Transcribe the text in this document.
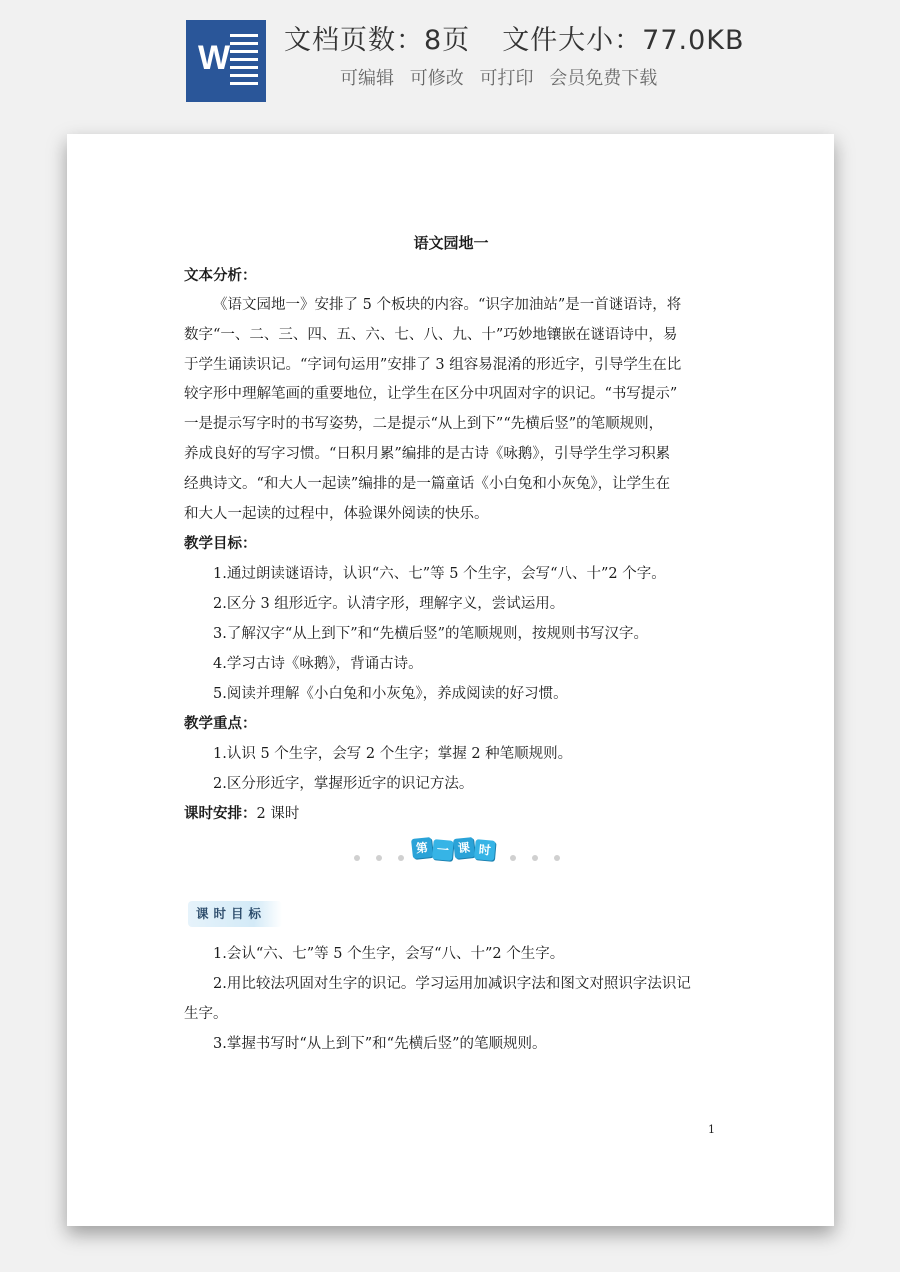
W 文档页数：8页 文件大小：77.0KB
可编辑 可修改 可打印 会员免费下载
语文园地一
文本分析：
《语文园地一》安排了 5 个板块的内容。“识字加油站”是一首谜语诗，将
数字“一、二、三、四、五、六、七、八、九、十”巧妙地镶嵌在谜语诗中，易
于学生诵读识记。“字词句运用”安排了 3 组容易混淆的形近字，引导学生在比
较字形中理解笔画的重要地位，让学生在区分中巩固对字的识记。“书写提示”
一是提示写字时的书写姿势，二是提示“从上到下”“先横后竖”的笔顺规则，
养成良好的写字习惯。“日积月累”编排的是古诗《咏鹅》，引导学生学习积累
经典诗文。“和大人一起读”编排的是一篇童话《小白兔和小灰兔》，让学生在
和大人一起读的过程中，体验课外阅读的快乐。
教学目标：
1.通过朗读谜语诗，认识“六、七”等 5 个生字，会写“八、十”2 个字。
2.区分 3 组形近字。认清字形，理解字义，尝试运用。
3.了解汉字“从上到下”和“先横后竖”的笔顺规则，按规则书写汉字。
4.学习古诗《咏鹅》，背诵古诗。
5.阅读并理解《小白兔和小灰兔》，养成阅读的好习惯。
教学重点：
1.认识 5 个生字，会写 2 个生字；掌握 2 种笔顺规则。
2.区分形近字，掌握形近字的识记方法。
课时安排：2 课时
第 一 课 时
课时目标
1.会认“六、七”等 5 个生字，会写“八、十”2 个生字。
2.用比较法巩固对生字的识记。学习运用加减识字法和图文对照识字法识记
生字。
3.掌握书写时“从上到下”和“先横后竖”的笔顺规则。
1
